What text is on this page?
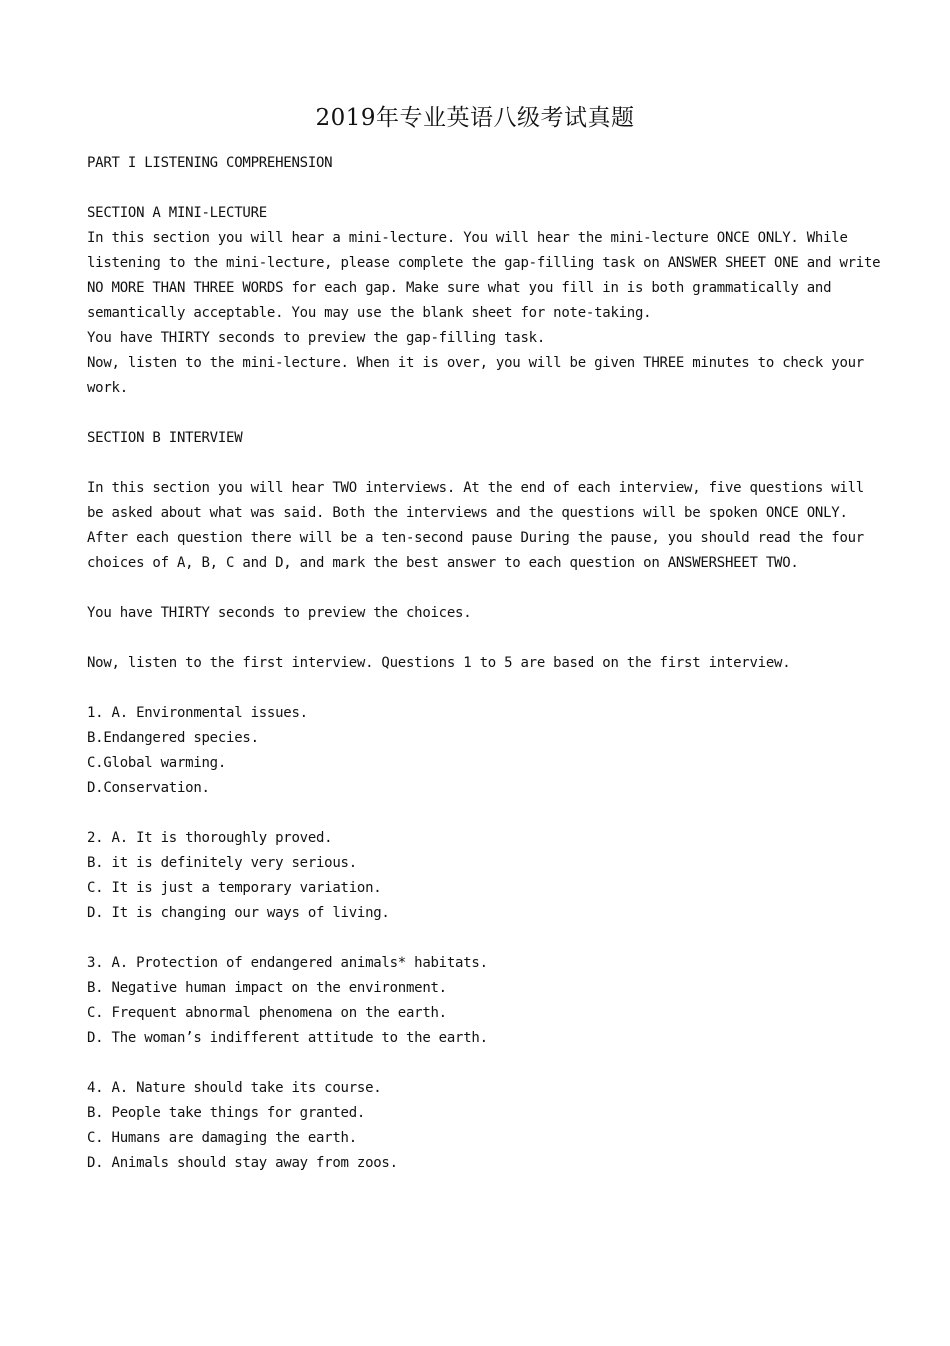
2019年专业英语八级考试真题
PART I LISTENING COMPREHENSION
SECTION A MINI-LECTURE
In this section you will hear a mini-lecture. You will hear the mini-lecture ONCE ONLY. While
listening to the mini-lecture, please complete the gap-filling task on ANSWER SHEET ONE and write
NO MORE THAN THREE WORDS for each gap. Make sure what you fill in is both grammatically and
semantically acceptable. You may use the blank sheet for note-taking.
You have THIRTY seconds to preview the gap-filling task.
Now, listen to the mini-lecture. When it is over, you will be given THREE minutes to check your
work.
SECTION B INTERVIEW
In this section you will hear TWO interviews. At the end of each interview, five questions will
be asked about what was said. Both the interviews and the questions will be spoken ONCE ONLY.
After each question there will be a ten-second pause During the pause, you should read the four
choices of A, B, C and D, and mark the best answer to each question on ANSWERSHEET TWO.
You have THIRTY seconds to preview the choices.
Now, listen to the first interview. Questions 1 to 5 are based on the first interview.
1. A. Environmental issues.
B.Endangered species.
C.Global warming.
D.Conservation.
2. A. It is thoroughly proved.
B. it is definitely very serious.
C. It is just a temporary variation.
D. It is changing our ways of living.
3. A. Protection of endangered animals* habitats.
B. Negative human impact on the environment.
C. Frequent abnormal phenomena on the earth.
D. The woman’s indifferent attitude to the earth.
4. A. Nature should take its course.
B. People take things for granted.
C. Humans are damaging the earth.
D. Animals should stay away from zoos.
